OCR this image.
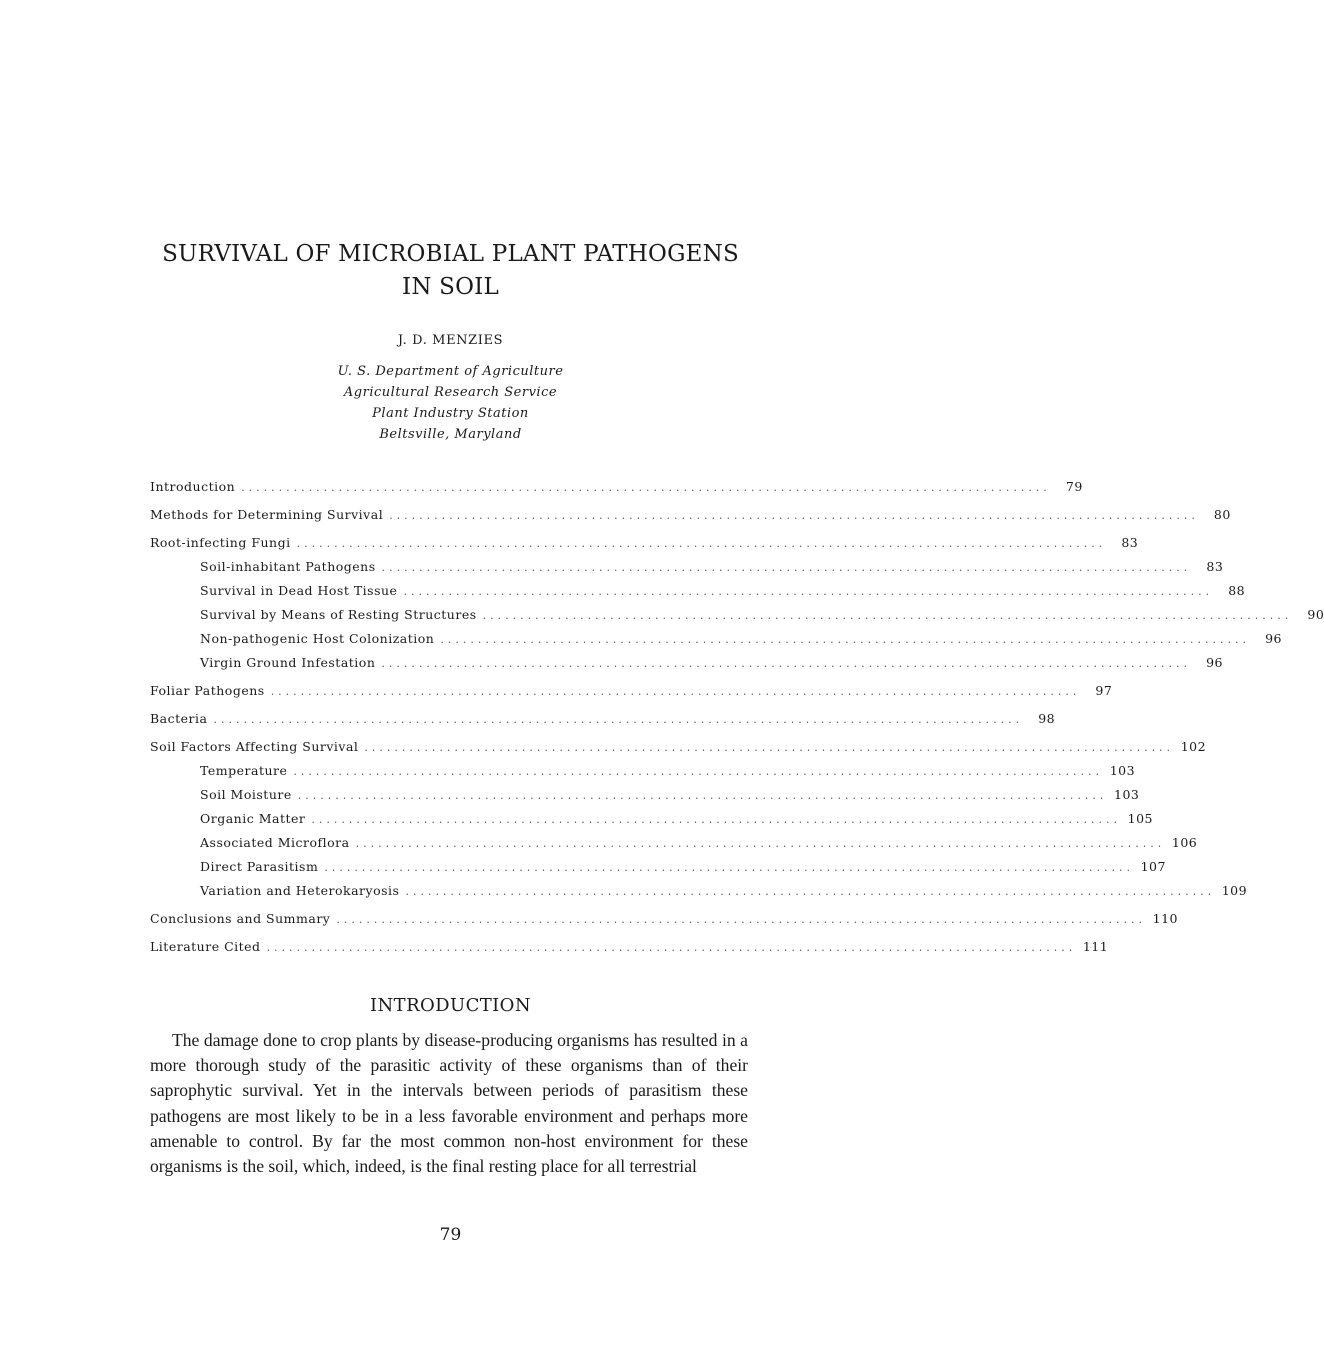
SURVIVAL OF MICROBIAL PLANT PATHOGENS
IN SOIL
J. D. MENZIES
U. S. Department of Agriculture
Agricultural Research Service
Plant Industry Station
Beltsville, Maryland
Introduction ............................................................................................................	79
Methods for Determining Survival ............................................................................................................	80
Root-infecting Fungi ............................................................................................................	83
Soil-inhabitant Pathogens ............................................................................................................	83
Survival in Dead Host Tissue ............................................................................................................	88
Survival by Means of Resting Structures ............................................................................................................	90
Non-pathogenic Host Colonization ............................................................................................................	96
Virgin Ground Infestation ............................................................................................................	96
Foliar Pathogens ............................................................................................................	97
Bacteria ............................................................................................................	98
Soil Factors Affecting Survival ............................................................................................................ 102
Temperature ............................................................................................................ 103
Soil Moisture ............................................................................................................ 103
Organic Matter ............................................................................................................ 105
Associated Microflora ............................................................................................................ 106
Direct Parasitism ............................................................................................................ 107
Variation and Heterokaryosis ............................................................................................................ 109
Conclusions and Summary ............................................................................................................ 110
Literature Cited ............................................................................................................ 111
INTRODUCTION

The damage done to crop plants by disease-producing organisms has resulted in a more thorough study of the parasitic activity of these organisms than of their saprophytic survival. Yet in the intervals between periods of parasitism these pathogens are most likely to be in a less favorable environment and perhaps more amenable to control. By far the most common non-host environment for these organisms is the soil, which, indeed, is the final resting place for all terrestrial

79
